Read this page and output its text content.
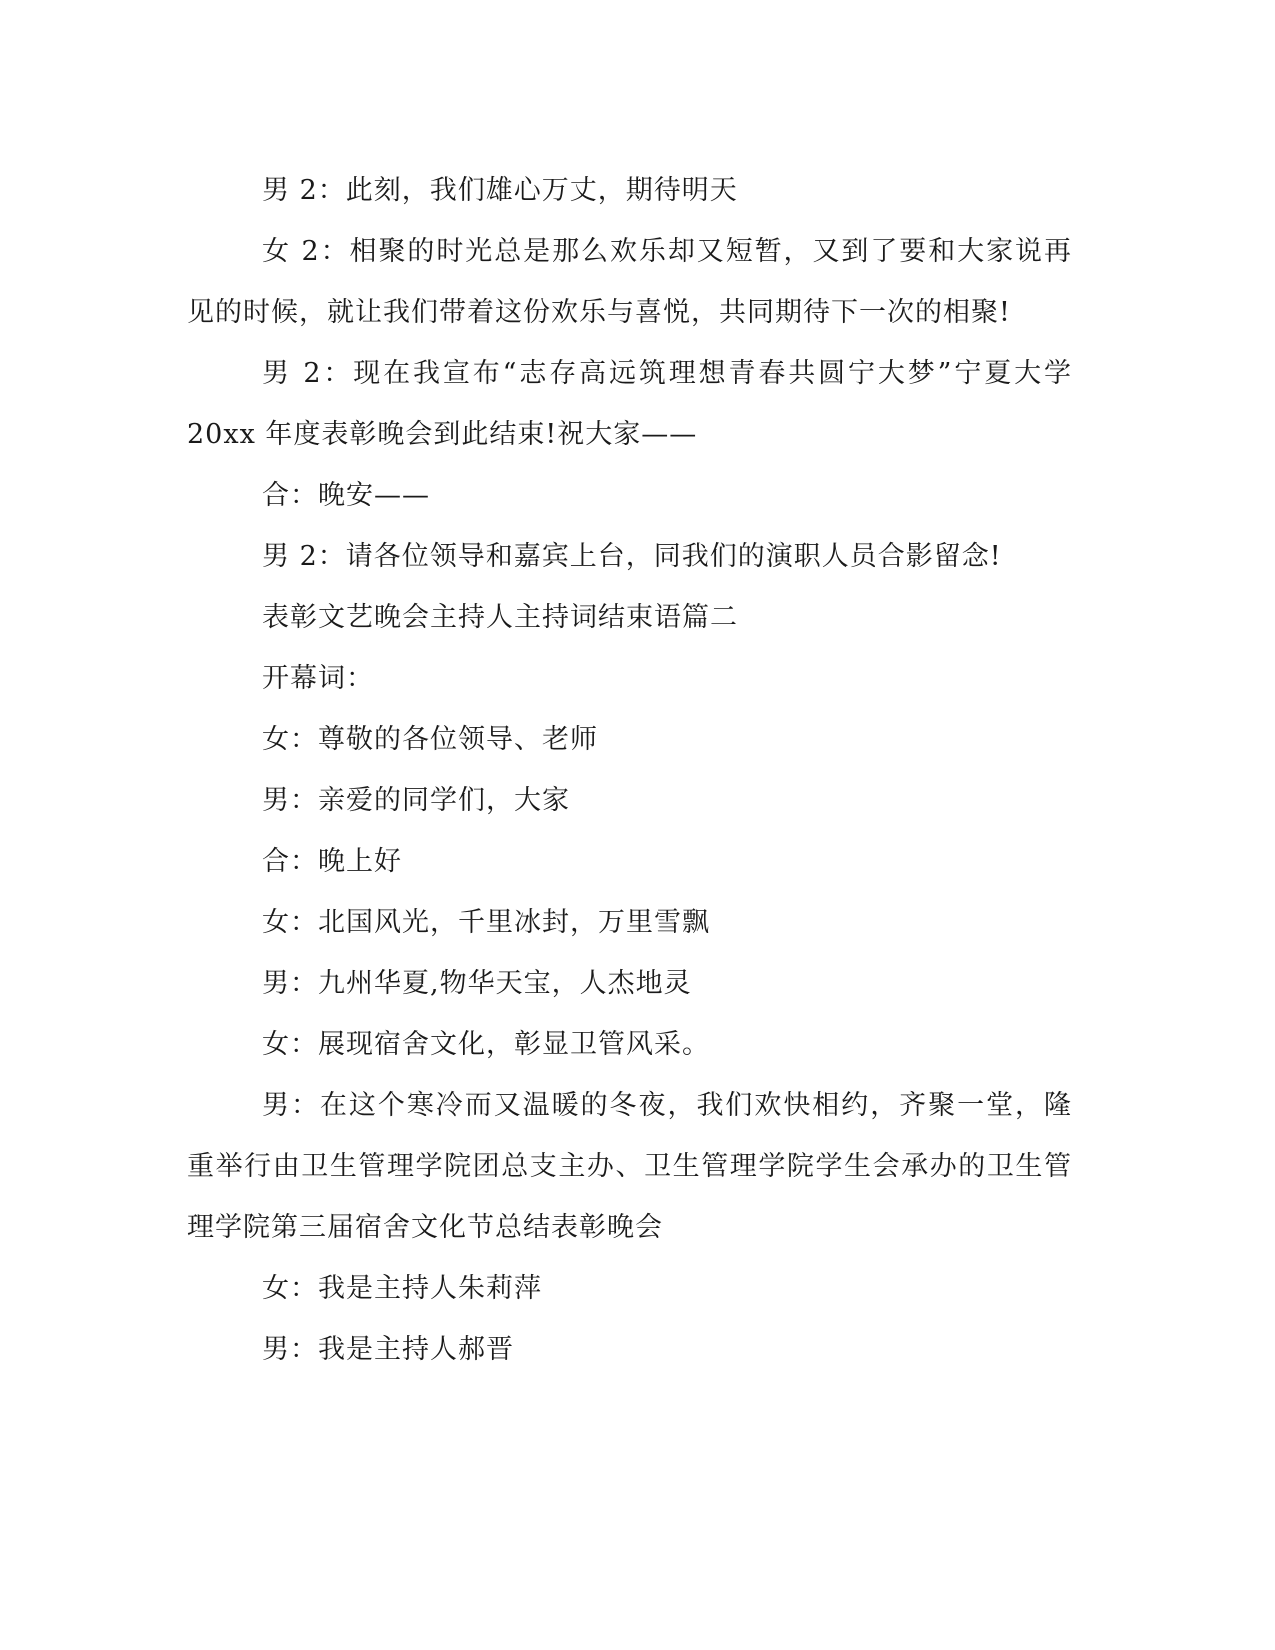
男 2：此刻，我们雄心万丈，期待明天

女 2：相聚的时光总是那么欢乐却又短暂，又到了要和大家说再见的时候，就让我们带着这份欢乐与喜悦，共同期待下一次的相聚!

男 2：现在我宣布“志存高远筑理想青春共圆宁大梦”宁夏大学 20xx 年度表彰晚会到此结束!祝大家——

合：晚安——

男 2：请各位领导和嘉宾上台，同我们的演职人员合影留念!

表彰文艺晚会主持人主持词结束语篇二

开幕词：

女：尊敬的各位领导、老师

男：亲爱的同学们，大家

合：晚上好

女：北国风光，千里冰封，万里雪飘

男：九州华夏,物华天宝，人杰地灵

女：展现宿舍文化，彰显卫管风采。

男：在这个寒冷而又温暖的冬夜，我们欢快相约，齐聚一堂，隆重举行由卫生管理学院团总支主办、卫生管理学院学生会承办的卫生管理学院第三届宿舍文化节总结表彰晚会

女：我是主持人朱莉萍

男：我是主持人郝晋
